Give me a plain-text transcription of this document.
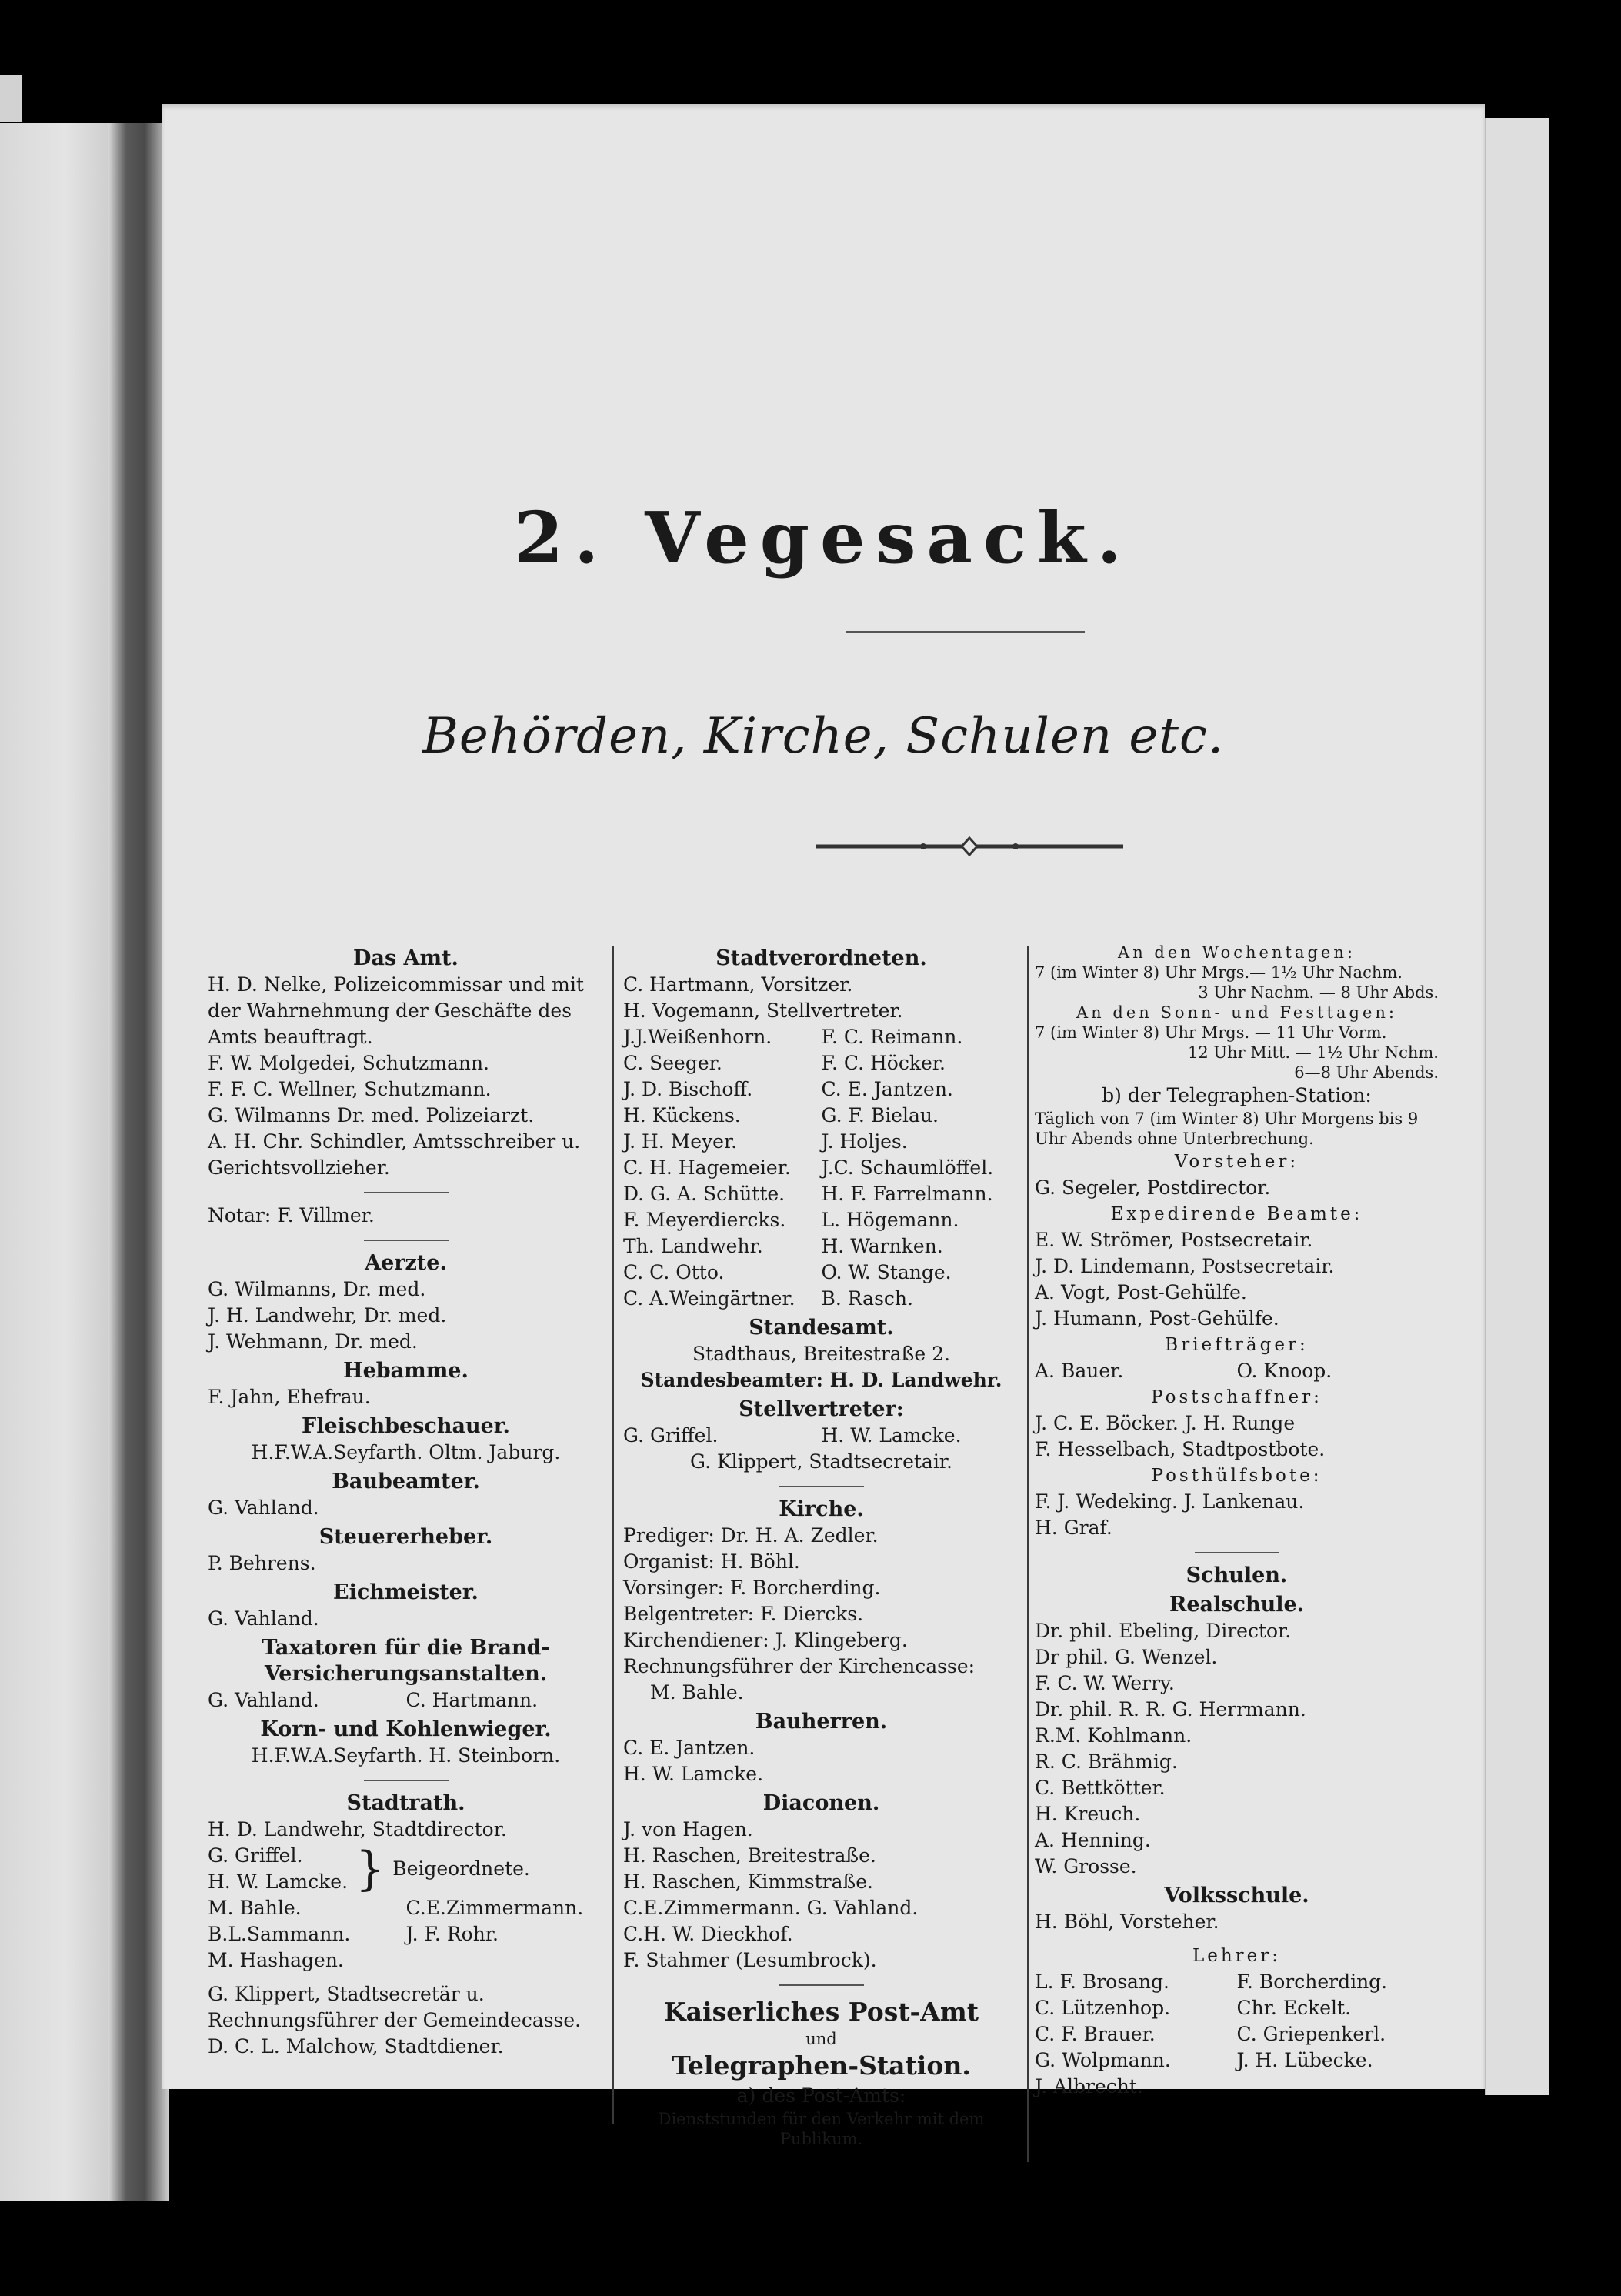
2. Vegesack.
Behörden, Kirche, Schulen etc.
Das Amt.
H. D. Nelke, Polizeicommissar und mit der Wahrnehmung der Geschäfte des Amts beauftragt.
F. W. Molgedei, Schutzmann.
F. F. C. Wellner, Schutzmann.
G. Wilmanns Dr. med. Polizeiarzt.
A. H. Chr. Schindler, Amtsschreiber u. Gerichtsvollzieher.
Notar: F. Villmer.
Aerzte.
G. Wilmanns, Dr. med.
J. H. Landwehr, Dr. med.
J. Wehmann, Dr. med.
Hebamme.
F. Jahn, Ehefrau.
Fleischbeschauer.
H.F.W.A.Seyfarth. Oltm. Jaburg.
Baubeamter.
G. Vahland.
Steuererheber.
P. Behrens.
Eichmeister.
G. Vahland.
Taxatoren für die Brand-Versicherungsanstalten.
G. Vahland.	C. Hartmann.
Korn- und Kohlenwieger.
H.F.W.A.Seyfarth. H. Steinborn.
Stadtrath.
H. D. Landwehr, Stadtdirector.
G. Griffel.
H. W. Lamcke. } Beigeordnete.
M. Bahle.	C.E.Zimmermann.
B.L.Sammann.	J. F. Rohr.
M. Hashagen.
G. Klippert, Stadtsecretär u. Rechnungsführer der Gemeindecasse.
D. C. L. Malchow, Stadtdiener.
Stadtverordneten.
C. Hartmann, Vorsitzer.
H. Vogemann, Stellvertreter.
J.J.Weißenhorn.	F. C. Reimann.
C. Seeger.	F. C. Höcker.
J. D. Bischoff.	C. E. Jantzen.
H. Kückens.	G. F. Bielau.
J. H. Meyer.	J. Holjes.
C. H. Hagemeier.	J.C. Schaumlöffel.
D. G. A. Schütte.	H. F. Farrelmann.
F. Meyerdiercks.	L. Högemann.
Th. Landwehr.	H. Warnken.
C. C. Otto.	O. W. Stange.
C. A.Weingärtner.	B. Rasch.
Standesamt.
Stadthaus, Breitestraße 2.
Standesbeamter: H. D. Landwehr.
Stellvertreter:
G. Griffel.	H. W. Lamcke.
G. Klippert, Stadtsecretair.
Kirche.
Prediger: Dr. H. A. Zedler.
Organist: H. Böhl.
Vorsinger: F. Borcherding.
Belgentreter: F. Diercks.
Kirchendiener: J. Klingeberg.
Rechnungsführer der Kirchencasse:
M. Bahle.
Bauherren.
C. E. Jantzen.
H. W. Lamcke.
Diaconen.
J. von Hagen.
H. Raschen, Breitestraße.
H. Raschen, Kimmstraße.
C.E.Zimmermann. G. Vahland.
C.H. W. Dieckhof.
F. Stahmer (Lesumbrock).
Kaiserliches Post-Amt
und
Telegraphen-Station.
a) des Post-Amts:
Dienststunden für den Verkehr mit dem Publikum.
An den Wochentagen:
7 (im Winter 8) Uhr Mrgs.— 1½ Uhr Nachm.
3 Uhr Nachm. — 8 Uhr Abds.
An den Sonn- und Festtagen:
7 (im Winter 8) Uhr Mrgs. — 11 Uhr Vorm.
12 Uhr Mitt. — 1½ Uhr Nchm.
6—8 Uhr Abends.
b) der Telegraphen-Station:
Täglich von 7 (im Winter 8) Uhr Morgens bis 9 Uhr Abends ohne Unterbrechung.
Vorsteher:
G. Segeler, Postdirector.
Expedirende Beamte:
E. W. Strömer, Postsecretair.
J. D. Lindemann, Postsecretair.
A. Vogt, Post-Gehülfe.
J. Humann, Post-Gehülfe.
Briefträger:
A. Bauer.	O. Knoop.
Postschaffner:
J. C. E. Böcker. J. H. Runge
F. Hesselbach, Stadtpostbote.
Posthülfsbote:
F. J. Wedeking. J. Lankenau.
H. Graf.
Schulen.
Realschule.
Dr. phil. Ebeling, Director.
Dr phil. G. Wenzel.
F. C. W. Werry.
Dr. phil. R. R. G. Herrmann.
R.M. Kohlmann.
R. C. Brähmig.
C. Bettkötter.
H. Kreuch.
A. Henning.
W. Grosse.
Volksschule.
H. Böhl, Vorsteher.
Lehrer:
L. F. Brosang.	F. Borcherding.
C. Lützenhop.	Chr. Eckelt.
C. F. Brauer.	C. Griepenkerl.
G. Wolpmann.	J. H. Lübecke.
J. Albrecht.
